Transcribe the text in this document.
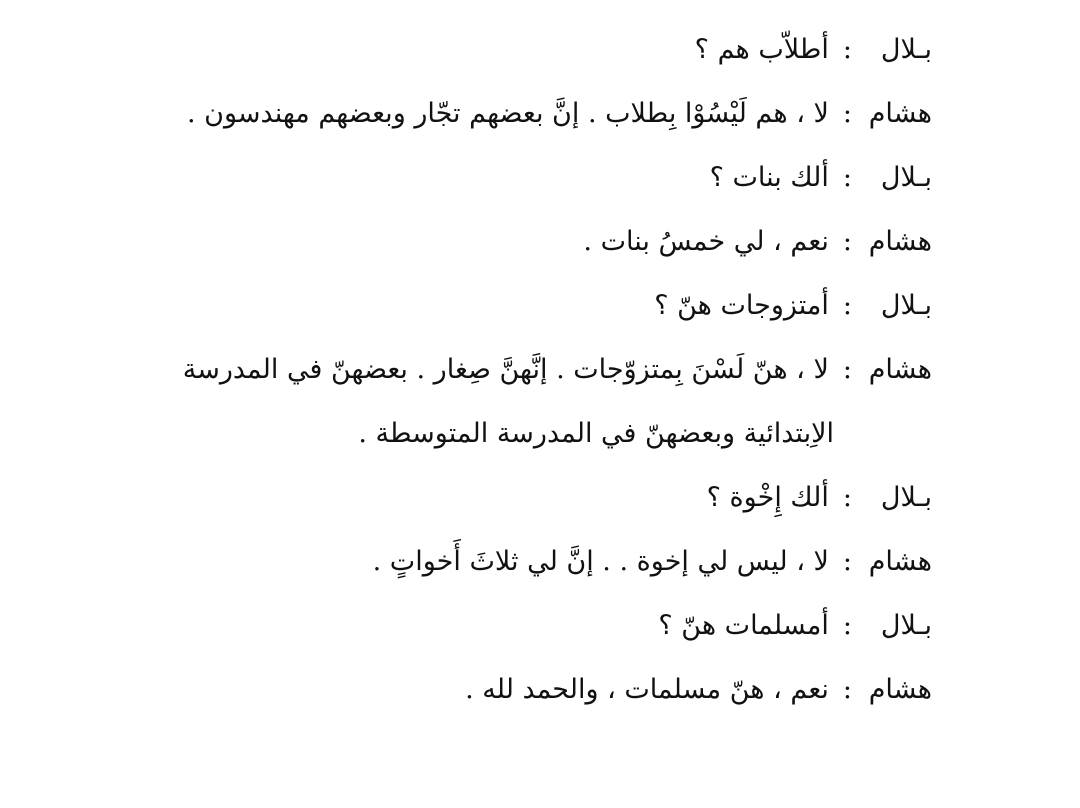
بـلال
:
أطلاّب هم ؟
هشام
:
لا ، هم لَيْسُوْا بِطلاب . إنَّ بعضهم تجّار وبعضهم مهندسون .
بـلال
:
ألك بنات ؟
هشام
:
نعم ، لي خمسُ بنات .
بـلال
:
أمتزوجات هنّ ؟
هشام
:
لا ، هنّ لَسْنَ بِمتزوّجات . إنَّهنَّ صِغار . بعضهنّ في المدرسة
الاِبتدائية وبعضهنّ في المدرسة المتوسطة .
بـلال
:
ألك إِخْوة ؟
هشام
:
لا ، ليس لي إخوة . . إنَّ لي ثلاثَ أَخواتٍ .
بـلال
:
أمسلمات هنّ ؟
هشام
:
نعم ، هنّ مسلمات ، والحمد لله .
